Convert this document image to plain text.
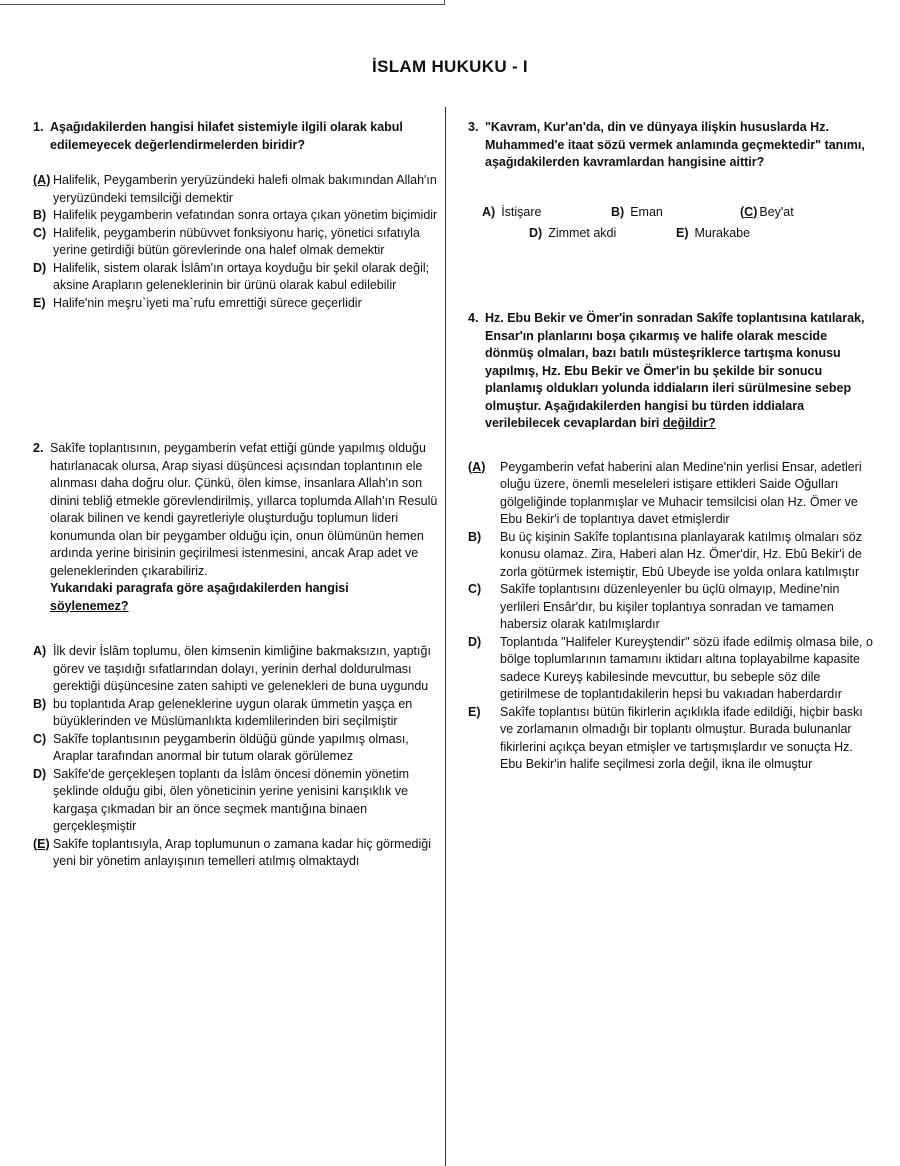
İSLAM HUKUKU - I
1. Aşağıdakilerden hangisi hilafet sistemiyle ilgili olarak kabul edilemeyecek değerlendirmelerden biridir?
(A) Halifelik, Peygamberin yeryüzündeki halefi olmak bakımından Allah'ın yeryüzündeki temsilciği demektir
B) Halifelik peygamberin vefatından sonra ortaya çıkan yönetim biçimidir
C) Halifelik, peygamberin nübüvvet fonksiyonu hariç, yönetici sıfatıyla yerine getirdiği bütün görevlerinde ona halef olmak demektir
D) Halifelik, sistem olarak İslâm'ın ortaya koyduğu bir şekil olarak değil; aksine Arapların geleneklerinin bir ürünü olarak kabul edilebilir
E) Halife'nin meşru`iyeti ma`rufu emrettiği sürece geçerlidir
2. Sakîfe toplantısının, peygamberin vefat ettiği günde yapılmış olduğu hatırlanacak olursa, Arap siyasi düşüncesi açısından toplantının ele alınması daha doğru olur. Çünkü, ölen kimse, insanlara Allah'ın son dinini tebliğ etmekle görevlendirilmiş, yıllarca toplumda Allah'ın Resulü olarak bilinen ve kendi gayretleriyle oluşturduğu toplumun lideri konumunda olan bir peygamber olduğu için, onun ölümünün hemen ardında yerine birisinin geçirilmesi istenmesini, ancak Arap adet ve geleneklerinden çıkarabiliriz.
Yukarıdaki paragrafa göre aşağıdakilerden hangisi
söylenemez?
A) İlk devir İslâm toplumu, ölen kimsenin kimliğine bakmaksızın, yaptığı görev ve taşıdığı sıfatlarından dolayı, yerinin derhal doldurulması gerektiği düşüncesine zaten sahipti ve gelenekleri de buna uygundu
B) bu toplantıda Arap geleneklerine uygun olarak ümmetin yaşça en büyüklerinden ve Müslümanlıkta kıdemlilerinden biri seçilmiştir
C) Sakîfe toplantısının peygamberin öldüğü günde yapılmış olması, Araplar tarafından anormal bir tutum olarak görülemez
D) Sakîfe'de gerçekleşen toplantı da İslâm öncesi dönemin yönetim şeklinde olduğu gibi, ölen yöneticinin yerine yenisini karışıklık ve kargaşa çıkmadan bir an önce seçmek mantığına binaen gerçekleşmiştir
(E) Sakîfe toplantısıyla, Arap toplumunun o zamana kadar hiç görmediği yeni bir yönetim anlayışının temelleri atılmış olmaktaydı
3. "Kavram, Kur'an'da, din ve dünyaya ilişkin hususlarda Hz. Muhammed'e itaat sözü vermek anlamında geçmektedir" tanımı, aşağıdakilerden kavramlardan hangisine aittir?
A) İstişare	B) Eman	(C) Bey'at
D) Zimmet akdi	E) Murakabe
4. Hz. Ebu Bekir ve Ömer'in sonradan Sakîfe toplantısına katılarak, Ensar'ın planlarını boşa çıkarmış ve halife olarak mescide dönmüş olmaları, bazı batılı müsteşriklerce tartışma konusu yapılmış, Hz. Ebu Bekir ve Ömer'in bu şekilde bir sonucu planlamış oldukları yolunda iddiaların ileri sürülmesine sebep olmuştur. Aşağıdakilerden hangisi bu türden iddialara verilebilecek cevaplardan biri değildir?
(A)	Peygamberin vefat haberini alan Medine'nin yerlisi Ensar, adetleri oluğu üzere, önemli meseleleri istişare ettikleri Saide Oğulları gölgeliğinde toplanmışlar ve Muhacir temsilcisi olan Hz. Ömer ve Ebu Bekir'i de toplantıya davet etmişlerdir
B)	Bu üç kişinin Sakîfe toplantısına planlayarak katılmış olmaları söz konusu olamaz. Zira, Haberi alan Hz. Ömer'dir, Hz. Ebû Bekir'i de zorla götürmek istemiştir, Ebû Ubeyde ise yolda onlara katılmıştır
C)	Sakîfe toplantısını düzenleyenler bu üçlü olmayıp, Medine'nin yerlileri Ensâr'dır, bu kişiler toplantıya sonradan ve tamamen habersiz olarak katılmışlardır
D)	Toplantıda "Halifeler Kureyştendir" sözü ifade edilmiş olmasa bile, o bölge toplumlarının tamamını iktidarı altına toplayabilme kapasite sadece Kureyş kabilesinde mevcuttur, bu sebeple söz dile getirilmese de toplantıdakilerin hepsi bu vakıadan haberdardır
E)	Sakîfe toplantısı bütün fikirlerin açıklıkla ifade edildiği, hiçbir baskı ve zorlamanın olmadığı bir toplantı olmuştur. Burada bulunanlar fikirlerini açıkça beyan etmişler ve tartışmışlardır ve sonuçta Hz. Ebu Bekir'in halife seçilmesi zorla değil, ikna ile olmuştur
